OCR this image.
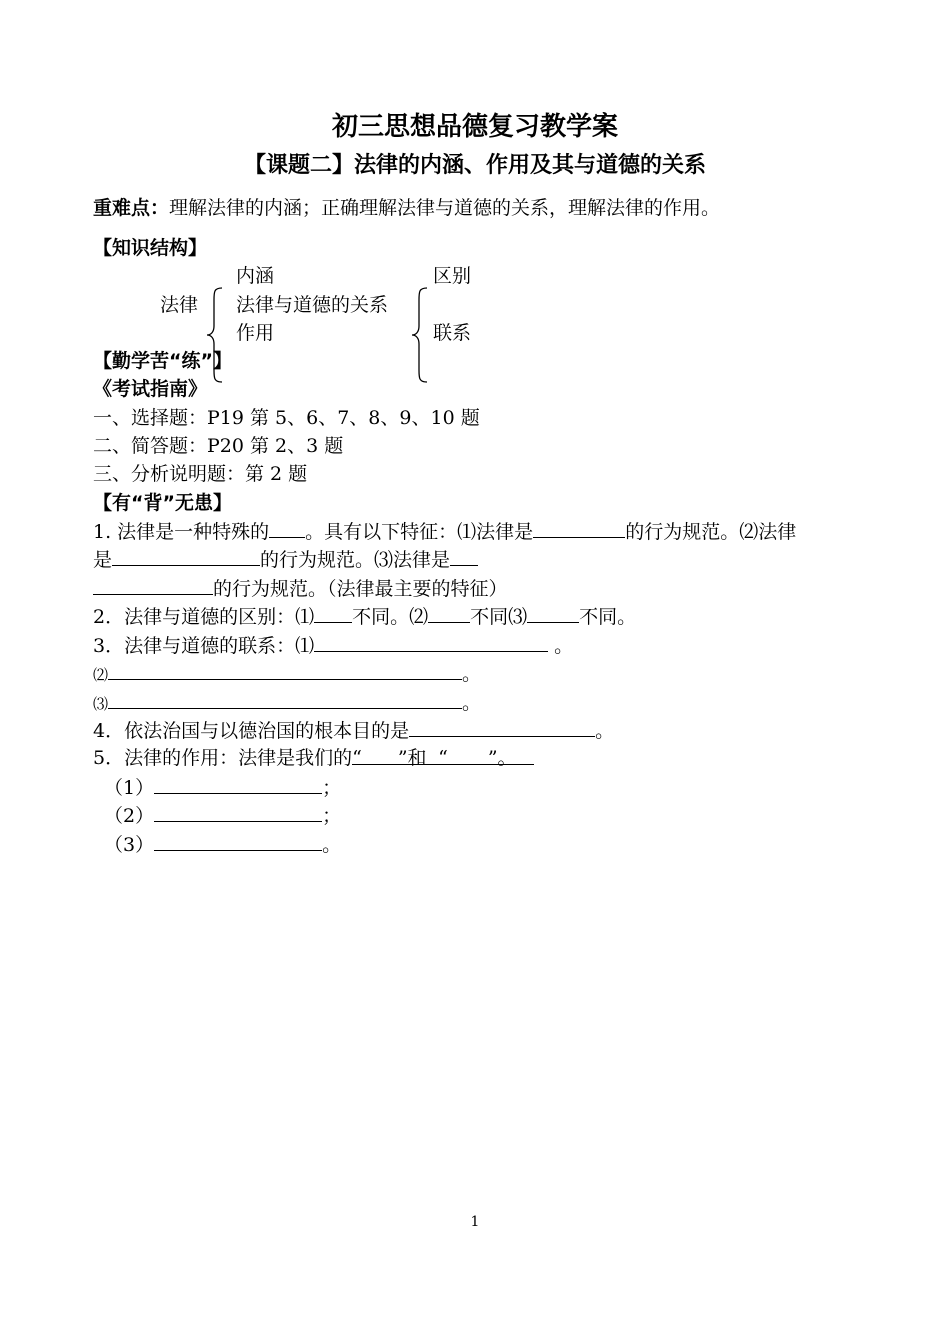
初三思想品德复习教学案
【课题二】法律的内涵、作用及其与道德的关系
重难点：理解法律的内涵；正确理解法律与道德的关系，理解法律的作用。
【知识结构】
内涵
法律 法律与道德的关系
作用
区别
联系
【勤学苦“练”】
《考试指南》
一、选择题：P19 第 5、6、7、8、9、10 题
二、简答题：P20 第 2、3 题
三、分析说明题：第 2 题
【有“背”无患】
1. 法律是一种特殊的 。具有以下特征：⑴法律是	的行为规范。⑵法律
是	的行为规范。⑶法律是
的行为规范。（法律最主要的特征）
2．法律与道德的区别：⑴ 不同。⑵ 不同⑶	不同。
3．法律与道德的联系：⑴	。
⑵	。
⑶	。
4．依法治国与以德治国的根本目的是	。
5．法律的作用：法律是我们的“ ”和 “ ”。
（1）	；
（2）	；
（3）	。
1
